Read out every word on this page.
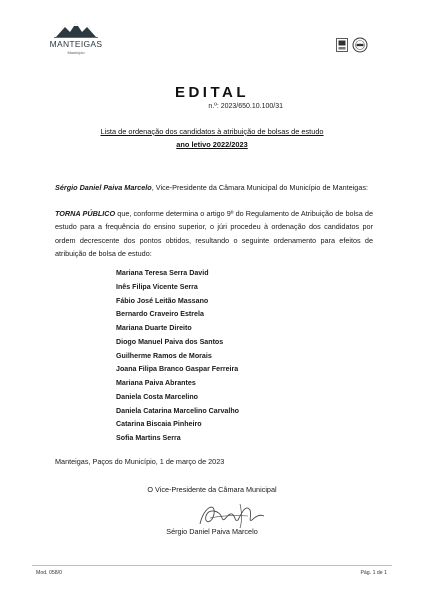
MANTEIGAS
Município
EDITAL
n.º: 2023/650.10.100/31
Lista de ordenação dos candidatos à atribuição de bolsas de estudo
ano letivo 2022/2023
Sérgio Daniel Paiva Marcelo, Vice-Presidente da Câmara Municipal do Município de Manteigas:
TORNA PÚBLICO que, conforme determina o artigo 9º do Regulamento de Atribuição de bolsa de estudo para a frequência do ensino superior, o júri procedeu à ordenação dos candidatos por ordem decrescente dos pontos obtidos, resultando o seguinte ordenamento para efeitos de atribuição de bolsa de estudo:
Mariana Teresa Serra David
Inês Filipa Vicente Serra
Fábio José Leitão Massano
Bernardo Craveiro Estrela
Mariana Duarte Direito
Diogo Manuel Paiva dos Santos
Guilherme Ramos de Morais
Joana Filipa Branco Gaspar Ferreira
Mariana Paiva Abrantes
Daniela Costa Marcelino
Daniela Catarina Marcelino Carvalho
Catarina Biscaia Pinheiro
Sofia Martins Serra
Manteigas, Paços do Município, 1 de março de 2023
O Vice-Presidente da Câmara Municipal
Sérgio Daniel Paiva Marcelo
Mod. 058/0	Pág. 1 de 1
